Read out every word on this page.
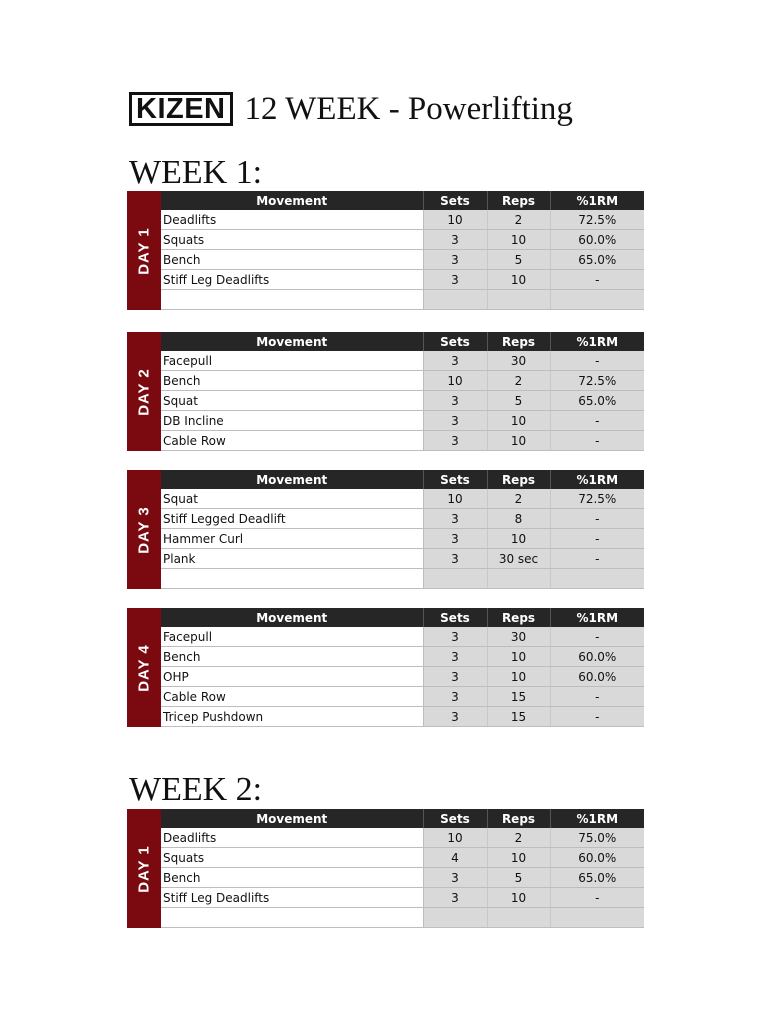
KIZEN 12 WEEK - Powerlifting
WEEK 1:
DAY 1
Movement	Sets	Reps	%1RM
Deadlifts	10	2	72.5%
Squats	3	10	60.0%
Bench	3	5	65.0%
Stiff Leg Deadlifts	3	10	-

DAY 2
Movement	Sets	Reps	%1RM
Facepull	3	30	-
Bench	10	2	72.5%
Squat	3	5	65.0%
DB Incline	3	10	-
Cable Row	3	10	-
DAY 3
Movement	Sets	Reps	%1RM
Squat	10	2	72.5%
Stiff Legged Deadlift	3	8	-
Hammer Curl	3	10	-
Plank	3	30 sec	-

DAY 4
Movement	Sets	Reps	%1RM
Facepull	3	30	-
Bench	3	10	60.0%
OHP	3	10	60.0%
Cable Row	3	15	-
Tricep Pushdown	3	15	-
WEEK 2:
DAY 1
Movement	Sets	Reps	%1RM
Deadlifts	10	2	75.0%
Squats	4	10	60.0%
Bench	3	5	65.0%
Stiff Leg Deadlifts	3	10	-
